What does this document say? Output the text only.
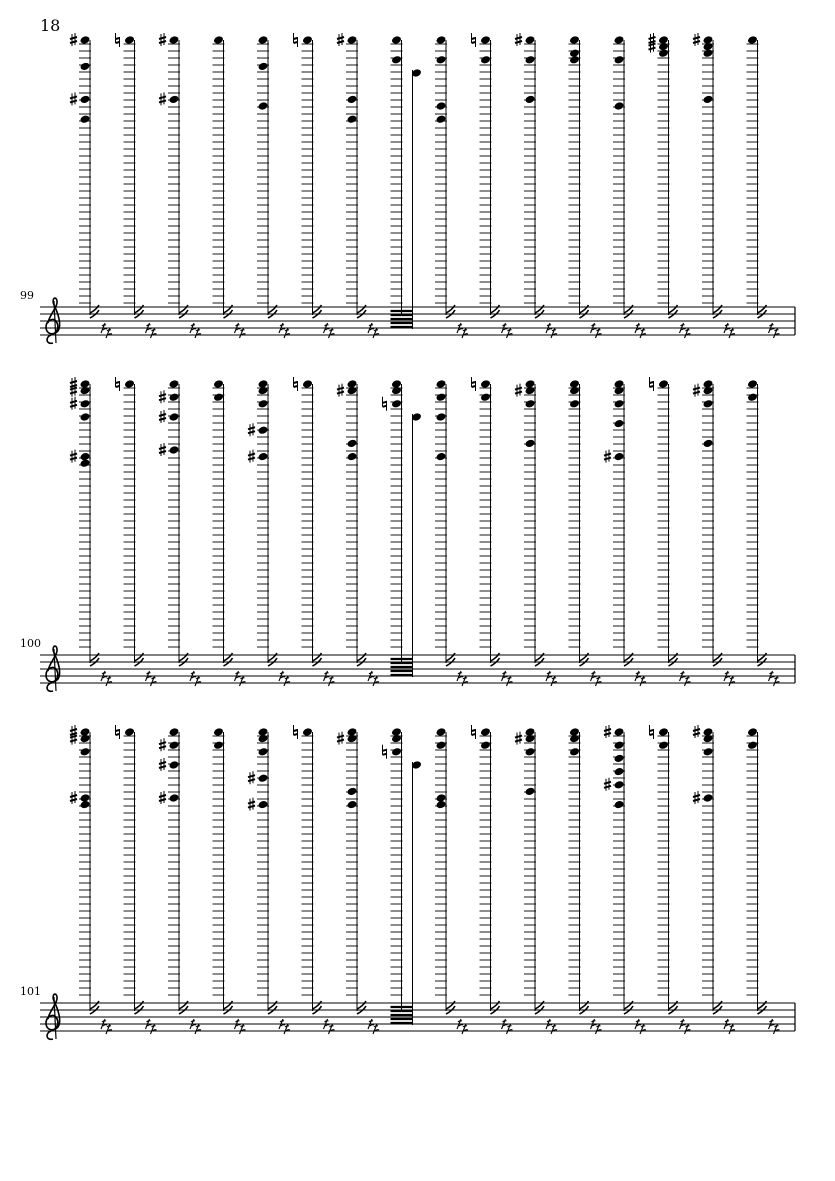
18
99
100
101
